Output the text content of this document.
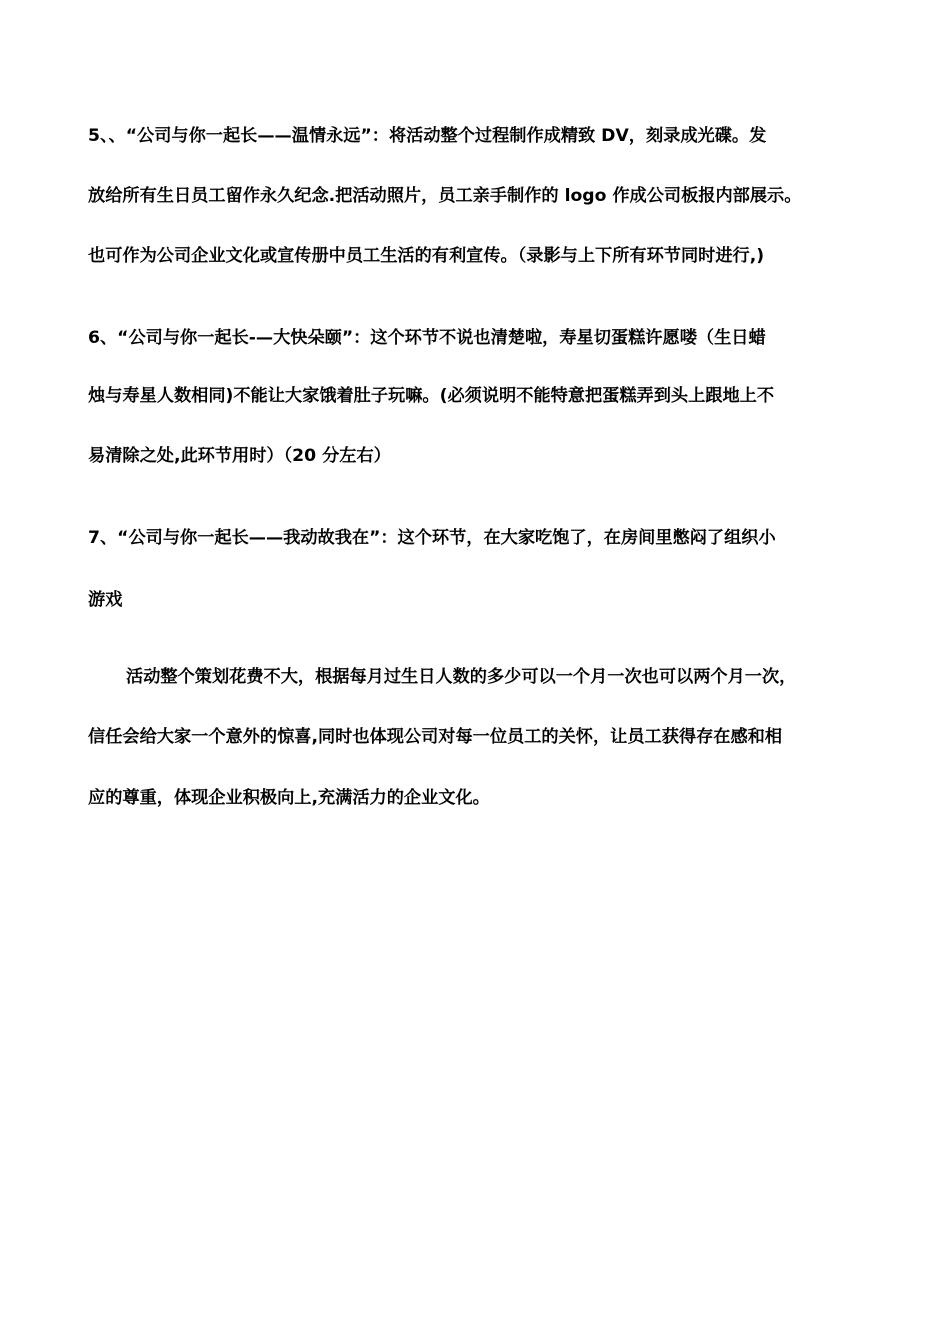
5、、“公司与你一起长——温情永远”：将活动整个过程制作成精致 DV，刻录成光碟。发
放给所有生日员工留作永久纪念.把活动照片，员工亲手制作的 logo 作成公司板报内部展示。
也可作为公司企业文化或宣传册中员工生活的有利宣传。（录影与上下所有环节同时进行,)
6、“公司与你一起长-—大快朵颐”：这个环节不说也清楚啦，寿星切蛋糕许愿喽（生日蜡
烛与寿星人数相同)不能让大家饿着肚子玩嘛。(必须说明不能特意把蛋糕弄到头上跟地上不
易清除之处,此环节用时）（20 分左右）
7、“公司与你一起长——我动故我在”：这个环节，在大家吃饱了，在房间里憋闷了组织小
游戏
活动整个策划花费不大，根据每月过生日人数的多少可以一个月一次也可以两个月一次，
信任会给大家一个意外的惊喜,同时也体现公司对每一位员工的关怀，让员工获得存在感和相
应的尊重，体现企业积极向上,充满活力的企业文化。
